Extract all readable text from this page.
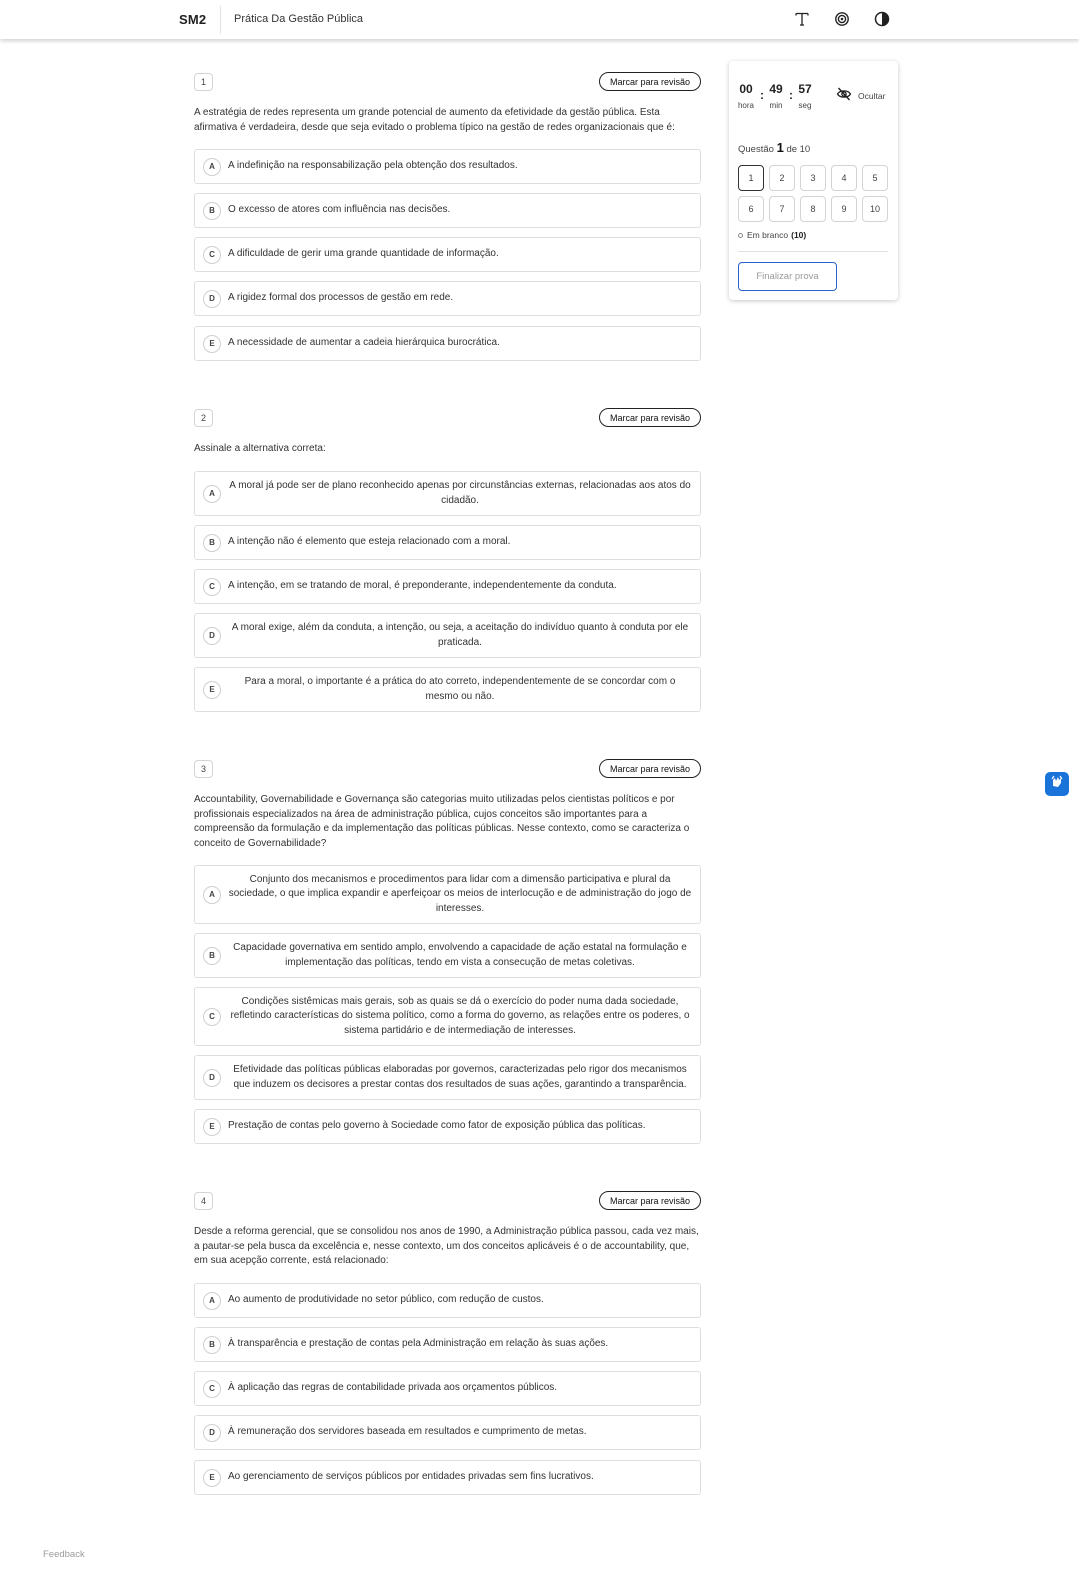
SM2	Prática Da Gestão Pública
1	Marcar para revisão
A estratégia de redes representa um grande potencial de aumento da efetividade da gestão pública. Esta afirmativa é verdadeira, desde que seja evitado o problema típico na gestão de redes organizacionais que é:
A	A indefinição na responsabilização pela obtenção dos resultados.
B	O excesso de atores com influência nas decisões.
C	A dificuldade de gerir uma grande quantidade de informação.
D	A rigidez formal dos processos de gestão em rede.
E	A necessidade de aumentar a cadeia hierárquica burocrática.
2	Marcar para revisão
Assinale a alternativa correta:
A
A moral já pode ser de plano reconhecido apenas por circunstâncias externas, relacionadas aos atos do cidadão.
B	A intenção não é elemento que esteja relacionado com a moral.
C	A intenção, em se tratando de moral, é preponderante, independentemente da conduta.
D
A moral exige, além da conduta, a intenção, ou seja, a aceitação do indivíduo quanto à conduta por ele praticada.
E
Para a moral, o importante é a prática do ato correto, independentemente de se concordar com o mesmo ou não.
3	Marcar para revisão
Accountability, Governabilidade e Governança são categorias muito utilizadas pelos cientistas políticos e por profissionais especializados na área de administração pública, cujos conceitos são importantes para a compreensão da formulação e da implementação das políticas públicas. Nesse contexto, como se caracteriza o conceito de Governabilidade?
A
Conjunto dos mecanismos e procedimentos para lidar com a dimensão participativa e plural da sociedade, o que implica expandir e aperfeiçoar os meios de interlocução e de administração do jogo de interesses.
B
Capacidade governativa em sentido amplo, envolvendo a capacidade de ação estatal na formulação e implementação das políticas, tendo em vista a consecução de metas coletivas.
C
Condições sistêmicas mais gerais, sob as quais se dá o exercício do poder numa dada sociedade, refletindo características do sistema político, como a forma do governo, as relações entre os poderes, o sistema partidário e de intermediação de interesses.
D
Efetividade das políticas públicas elaboradas por governos, caracterizadas pelo rigor dos mecanismos que induzem os decisores a prestar contas dos resultados de suas ações, garantindo a transparência.
E	Prestação de contas pelo governo à Sociedade como fator de exposição pública das políticas.
4	Marcar para revisão
Desde a reforma gerencial, que se consolidou nos anos de 1990, a Administração pública passou, cada vez mais, a pautar-se pela busca da excelência e, nesse contexto, um dos conceitos aplicáveis é o de accountability, que, em sua acepção corrente, está relacionado:
A	Ao aumento de produtividade no setor público, com redução de custos.
B	À transparência e prestação de contas pela Administração em relação às suas ações.
C	À aplicação das regras de contabilidade privada aos orçamentos públicos.
D	À remuneração dos servidores baseada em resultados e cumprimento de metas.
E	Ao gerenciamento de serviços públicos por entidades privadas sem fins lucrativos.
00
hora
: 49
min
: 57
seg
Ocultar
Questão 1 de 10
1	2	3	4	5
6	7	8	9	10
Em branco (10)
Finalizar prova
Feedback
